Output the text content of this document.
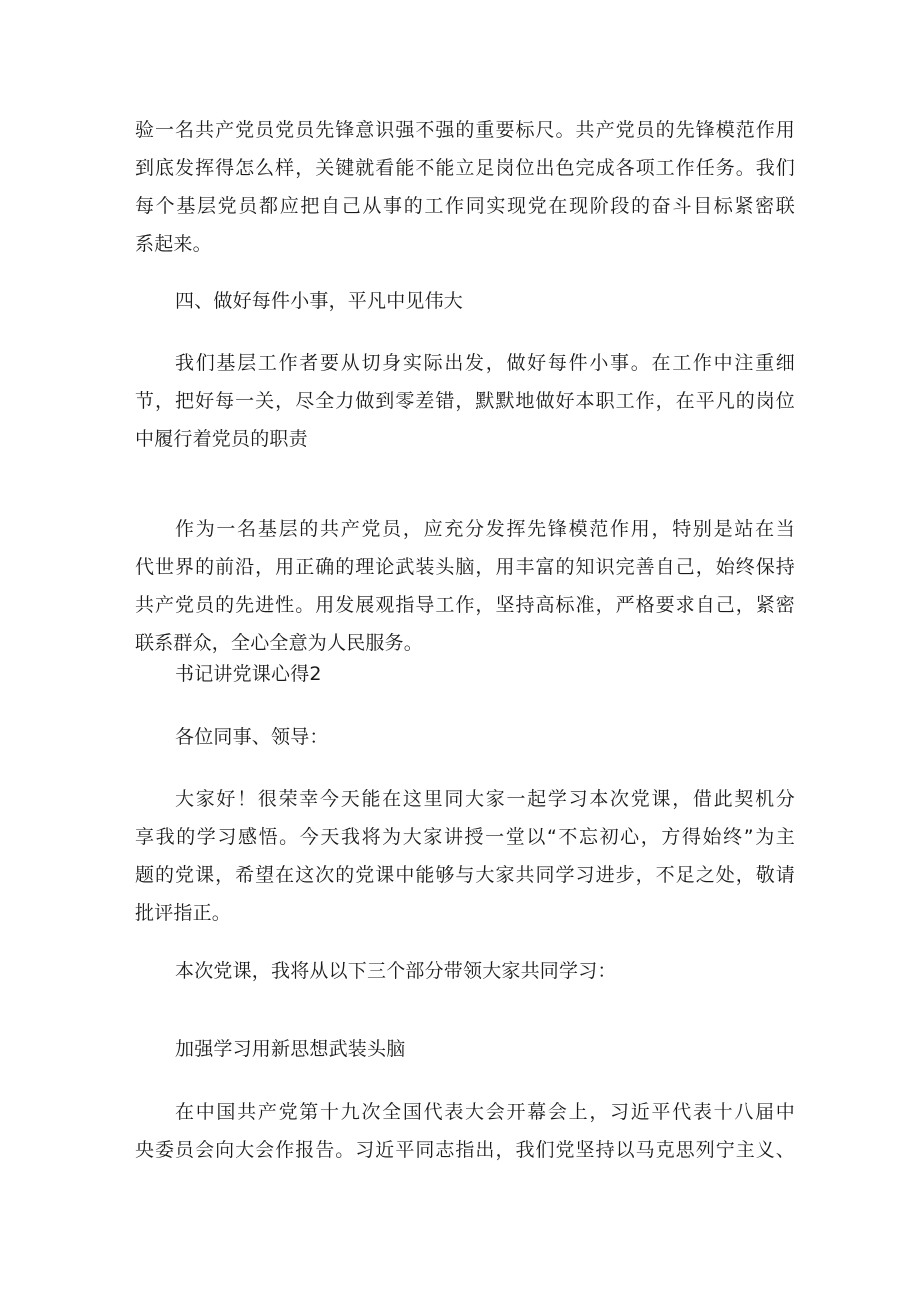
验一名共产党员党员先锋意识强不强的重要标尺。共产党员的先锋模范作用
到底发挥得怎么样，关键就看能不能立足岗位出色完成各项工作任务。我们
每个基层党员都应把自己从事的工作同实现党在现阶段的奋斗目标紧密联
系起来。
四、做好每件小事，平凡中见伟大
我们基层工作者要从切身实际出发，做好每件小事。在工作中注重细
节，把好每一关，尽全力做到零差错，默默地做好本职工作，在平凡的岗位
中履行着党员的职责
作为一名基层的共产党员，应充分发挥先锋模范作用，特别是站在当
代世界的前沿，用正确的理论武装头脑，用丰富的知识完善自己，始终保持
共产党员的先进性。用发展观指导工作，坚持高标准，严格要求自己，紧密
联系群众，全心全意为人民服务。
书记讲党课心得2
各位同事、领导：
大家好！很荣幸今天能在这里同大家一起学习本次党课，借此契机分
享我的学习感悟。今天我将为大家讲授一堂以“不忘初心，方得始终”为主
题的党课，希望在这次的党课中能够与大家共同学习进步，不足之处，敬请
批评指正。
本次党课，我将从以下三个部分带领大家共同学习：
加强学习用新思想武装头脑
在中国共产党第十九次全国代表大会开幕会上，习近平代表十八届中
央委员会向大会作报告。习近平同志指出，我们党坚持以马克思列宁主义、
